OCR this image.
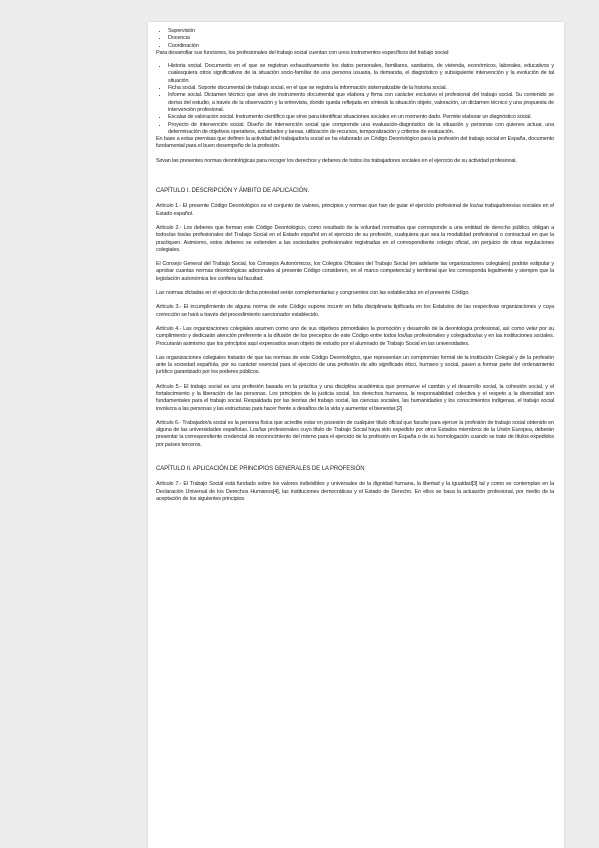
• Supervisión
• Docencia
• Coordinación

Para desarrollar sus funciones, los profesionales del trabajo social cuentan con unos instrumentos específicos del trabajo social:

• Historia social. Documento en el que se registran exhaustivamente los datos personales, familiares, sanitarios, de vivienda, económicos, laborales, educativos y cualesquiera otros significativos de la situación socio-familiar de una persona usuaria, la demanda, el diagnóstico y subsiguiente intervención y la evolución de tal situación.
• Ficha social. Soporte documental de trabajo social, en el que se registra la información sistematizable de la historia social.
• Informe social. Dictamen técnico que sirve de instrumento documental que elabora y firma con carácter exclusivo el profesional del trabajo social. Su contenido se deriva del estudio, a través de la observación y la entrevista, donde queda reflejada en síntesis la situación objeto, valoración, un dictamen técnico y una propuesta de intervención profesional.
• Escalas de valoración social. Instrumento científico que sirve para identificar situaciones sociales en un momento dado. Permite elaborar un diagnóstico social.
• Proyecto de intervención social. Diseño de intervención social que comprende una evaluación-diagnóstico de la situación y personas con quienes actuar, una determinación de objetivos operativos, actividades y tareas, utilización de recursos, temporalización y criterios de evaluación.

En base a estas premisas que definen la actividad del trabajador/a social se ha elaborado un Código Deontológico para la profesión del trabajo social en España, documento fundamental para el buen desempeño de la profesión.

Sirvan las presentes normas deontológicas para recoger los derechos y deberes de todos los trabajadores sociales en el ejercicio de su actividad profesional.

CAPÍTULO I. DESCRIPCIÓN Y ÁMBITO DE APLICACIÓN.

Artículo 1.- El presente Código Deontológico es el conjunto de valores, principios y normas que han de guiar el ejercicio profesional de los/as trabajadores/as sociales en el Estado español.

Artículo 2.- Los deberes que forman este Código Deontológico, como resultado de la voluntad normativa que corresponde a una entidad de derecho público, obligan a todos/as los/as profesionales del Trabajo Social en el Estado español en el ejercicio de su profesión, cualquiera que sea la modalidad profesional o contractual en que la practiquen. Asimismo, estos deberes se extienden a las sociedades profesionales registradas en el correspondiente colegio oficial, sin perjuicio de otras regulaciones colegiales.

El Consejo General del Trabajo Social, los Consejos Autonómicos, los Colegios Oficiales del Trabajo Social (en adelante las organizaciones colegiales) podrán estipular y aprobar cuantas normas deontológicas adicionales al presente Código consideren, en el marco competencial y territorial que les corresponda legalmente y siempre que la legislación autonómica les confiera tal facultad.

Las normas dictadas en el ejercicio de dicha potestad serán complementarias y congruentes con las establecidas en el presente Código.

Artículo 3.- El incumplimiento de alguna norma de este Código supone incurrir en falta disciplinaria tipificada en los Estatutos de las respectivas organizaciones y cuya corrección se hará a través del procedimiento sancionador establecido.

Artículo 4.- Las organizaciones colegiales asumen como uno de sus objetivos primordiales la promoción y desarrollo de la deontología profesional, así como velar por su cumplimiento y dedicarán atención preferente a la difusión de los preceptos de este Código entre todos los/las profesionales y colegiados/as y en las instituciones sociales. Procurarán asimismo que los principios aquí expresados sean objeto de estudio por el alumnado de Trabajo Social en las universidades.

Las organizaciones colegiales tratarán de que las normas de este Código Deontológico, que representan un compromiso formal de la institución Colegial y de la profesión ante la sociedad española, por su carácter esencial para el ejercicio de una profesión de alto significado ético, humano y social, pasen a formar parte del ordenamiento jurídico garantizado por los poderes públicos.

Artículo 5.- El trabajo social es una profesión basada en la práctica y una disciplina académica que promueve el cambio y el desarrollo social, la cohesión social, y el fortalecimiento y la liberación de las personas. Los principios de la justicia social, los derechos humanos, la responsabilidad colectiva y el respeto a la diversidad son fundamentales para el trabajo social. Respaldada por las teorías del trabajo social, las ciencias sociales, las humanidades y los conocimientos indígenas, el trabajo social involucra a las personas y las estructuras para hacer frente a desafíos de la vida y aumentar el bienestar.[2]

Artículo 6.- Trabajador/a social es la persona física que acredite estar en posesión de cualquier título oficial que faculte para ejercer la profesión de trabajo social obtenido en alguna de las universidades españolas. Los/las profesionales cuyo título de Trabajo Social haya sido expedido por otros Estados miembros de la Unión Europea, deberán presentar la correspondiente credencial de reconocimiento del mismo para el ejercicio de la profesión en España o de su homologación cuando se trate de títulos expedidos por países terceros.

CAPÍTULO II. APLICACIÓN DE PRINCIPIOS GENERALES DE LA PROFESIÓN

Artículo 7.- El Trabajo Social está fundado sobre los valores indivisibles y universales de la dignidad humana, la libertad y la igualdad[3] tal y como se contemplan en la Declaración Universal de los Derechos Humanos[4], las instituciones democráticas y el Estado de Derecho. En ellos se basa la actuación profesional, por medio de la aceptación de los siguientes principios.
